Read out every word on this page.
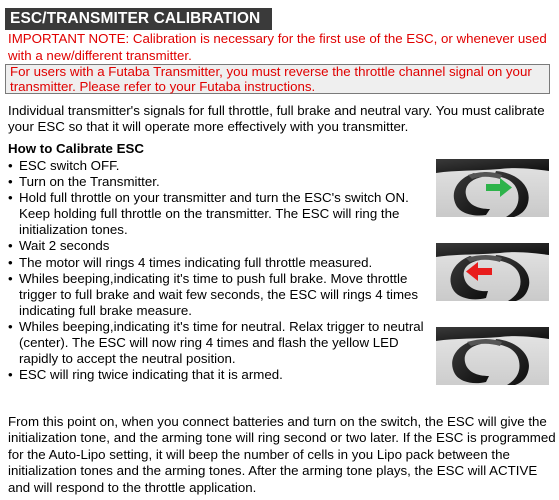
ESC/TRANSMITER CALIBRATION
IMPORTANT NOTE: Calibration is necessary for the first use of the ESC, or whenever used with a new/different transmitter.
For users with a Futaba Transmitter, you must reverse the throttle channel signal on your transmitter. Please refer to your Futaba instructions.
Individual transmitter's signals for full throttle, full brake and neutral vary. You must calibrate your ESC so that it will operate more effectively with you transmitter.
How to Calibrate ESC
• ESC switch OFF.
• Turn on the Transmitter.
• Hold full throttle on your transmitter and turn the ESC's switch ON. Keep holding full throttle on the transmitter. The ESC will ring the initialization tones.
• Wait 2 seconds
• The motor will rings 4 times indicating full throttle measured.
• Whiles beeping,indicating it's time to push full brake. Move throttle trigger to full brake and wait few seconds, the ESC will rings 4 times indicating full brake measure.
• Whiles beeping,indicating it's time for neutral. Relax trigger to neutral (center). The ESC will now ring 4 times and flash the yellow LED rapidly to accept the neutral position.
• ESC will ring twice indicating that it is armed.
From this point on, when you connect batteries and turn on the switch, the ESC will give the initialization tone, and the arming tone will ring second or two later. If the ESC is programmed for the Auto-Lipo setting, it will beep the number of cells in you Lipo pack between the initialization tones and the arming tones. After the arming tone plays, the ESC will ACTIVE and will respond to the throttle application.
